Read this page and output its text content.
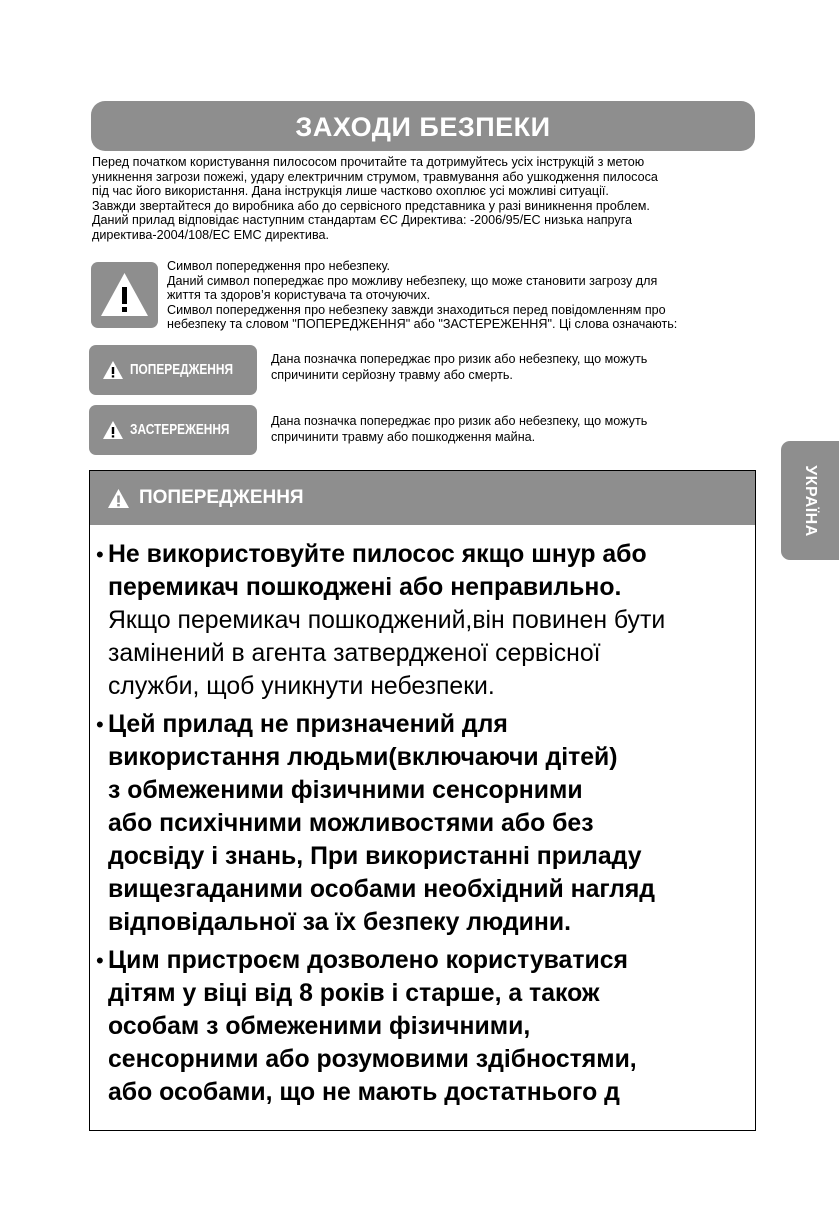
ЗАХОДИ БЕЗПЕКИ

Перед початком користування пилососом прочитайте та дотримуйтесь усіх інструкцій з метою

уникнення загрози пожежі, удару електричним струмом, травмування або ушкодження пилососа

під час його використання. Дана інструкція лише частково охоплює усі можливі ситуації.

Завжди звертайтеся до виробника або до сервісного представника у разі виникнення проблем.

Даний прилад відповідає наступним стандартам ЄС Директива: -2006/95/ЕС низька напруга

директива-2004/108/ЕС ЕМС директива.

Символ попередження про небезпеку.

Даний символ попереджає про можливу небезпеку, що може становити загрозу для

життя та здоров’я користувача та оточуючих.

Символ попередження про небезпеку завжди знаходиться перед повідомленням про

небезпеку та словом "ПОПЕРЕДЖЕННЯ" або "ЗАСТЕРЕЖЕННЯ". Ці слова означають:

ПОПЕРЕДЖЕННЯ

Дана позначка попереджає про ризик або небезпеку, що можуть

спричинити серйозну травму або смерть.

ЗАСТЕРЕЖЕННЯ

Дана позначка попереджає про ризик або небезпеку, що можуть

спричинити травму або пошкодження майна.

УКРАЇНА
ПОПЕРЕДЖЕННЯ
• Не використовуйте пилосос якщо шнур або
перемикач пошкоджені або неправильно.
Якщо перемикач пошкоджений,він повинен бути
замінений в агента затвердженої сервісної
служби, щоб уникнути небезпеки.
• Цей прилад не призначений для
використання людьми(включаючи дітей)
з обмеженими фізичними сенсорними
або психічними можливостями або без
досвіду і знань, При використанні приладу
вищезгаданими особами необхідний нагляд
відповідальної за їх безпеку людини.
• Цим пристроєм дозволено користуватися
дітям у віці від 8 років і старше, а також
особам з обмеженими фізичними,
сенсорними або розумовими здібностями,
або особами, що не мають достатнього д
